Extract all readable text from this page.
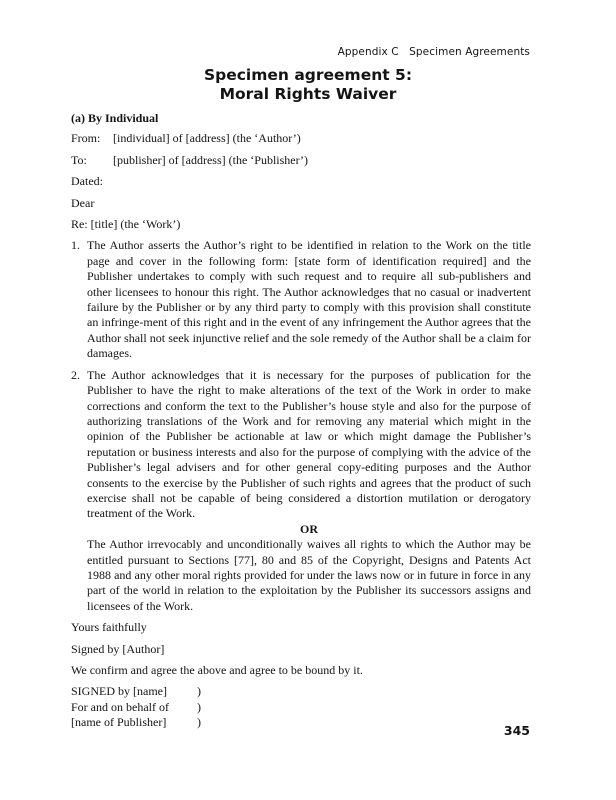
Appendix C Specimen Agreements
Specimen agreement 5:
Moral Rights Waiver

(a) By Individual

From:	[individual] of [address] (the ‘Author’)

To:	[publisher] of [address] (the ‘Publisher’)

Dated:

Dear

Re: [title] (the ‘Work’)

1. The Author asserts the Author’s right to be identified in relation to the Work on the title page and cover in the following form: [state form of identification required] and the Publisher undertakes to comply with such request and to require all sub-publishers and other licensees to honour this right. The Author acknowledges that no casual or inadvertent failure by the Publisher or by any third party to comply with this provision shall constitute an infringe-ment of this right and in the event of any infringement the Author agrees that the Author shall not seek injunctive relief and the sole remedy of the Author shall be a claim for damages.

2. The Author acknowledges that it is necessary for the purposes of publication for the Publisher to have the right to make alterations of the text of the Work in order to make corrections and conform the text to the Publisher’s house style and also for the purpose of authorizing translations of the Work and for removing any material which might in the opinion of the Publisher be actionable at law or which might damage the Publisher’s reputation or business interests and also for the purpose of complying with the advice of the Publisher’s legal advisers and for other general copy-editing purposes and the Author consents to the exercise by the Publisher of such rights and agrees that the product of such exercise shall not be capable of being considered a distortion mutilation or derogatory treatment of the Work.

OR

The Author irrevocably and unconditionally waives all rights to which the Author may be entitled pursuant to Sections [77], 80 and 85 of the Copyright, Designs and Patents Act 1988 and any other moral rights provided for under the laws now or in future in force in any part of the world in relation to the exploitation by the Publisher its successors assigns and licensees of the Work.

Yours faithfully

Signed by [Author]

We confirm and agree the above and agree to be bound by it.

SIGNED by [name]	)
For and on behalf of	)
[name of Publisher]	)
345
